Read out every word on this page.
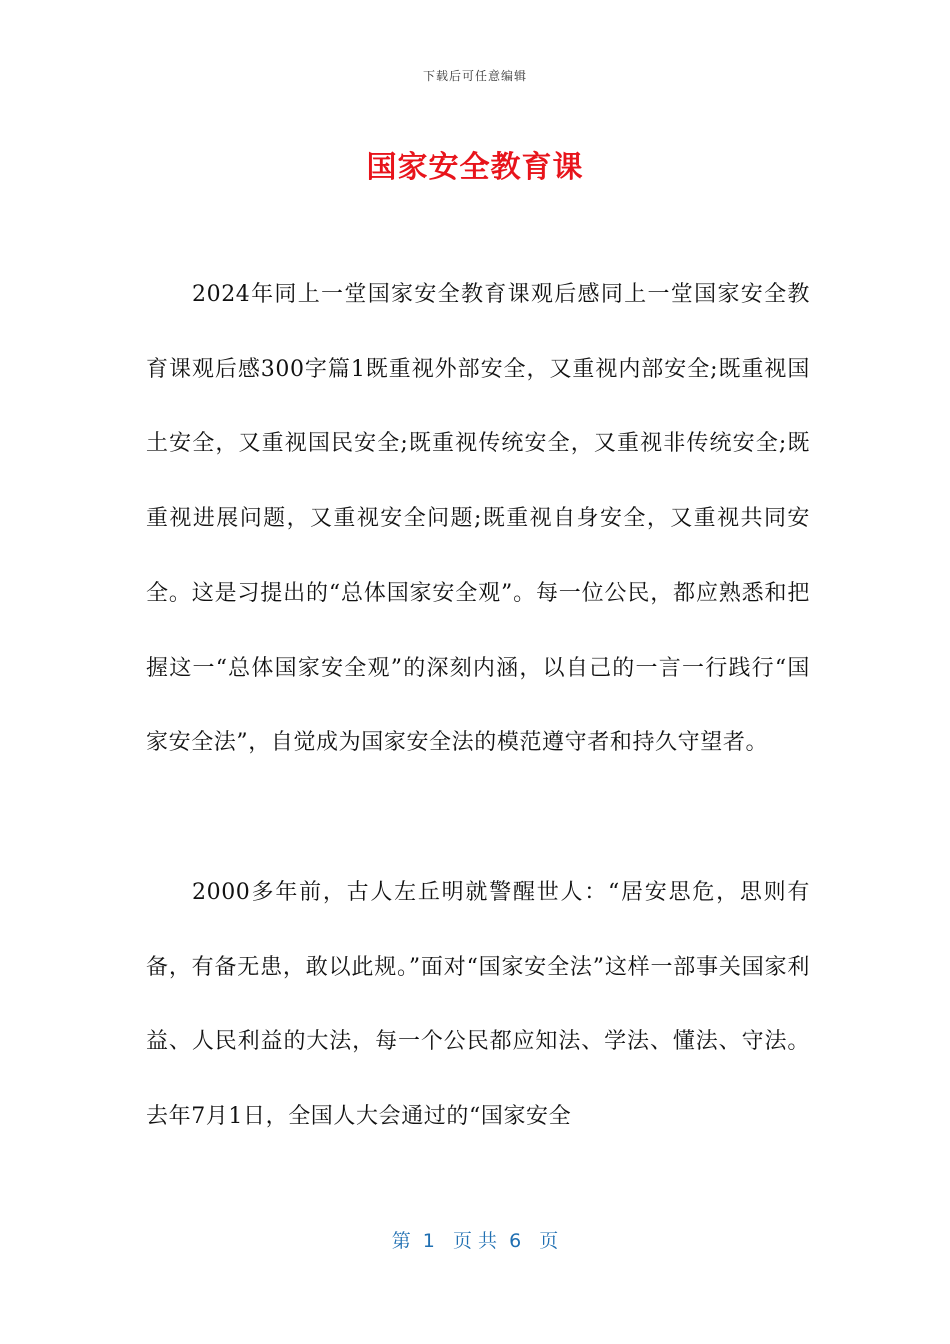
下载后可任意编辑
国家安全教育课

2024年同上一堂国家安全教育课观后感同上一堂国家安全教育课观后感300字篇1既重视外部安全，又重视内部安全;既重视国土安全，又重视国民安全;既重视传统安全，又重视非传统安全;既重视进展问题，又重视安全问题;既重视自身安全，又重视共同安全。这是习提出的“总体国家安全观”。每一位公民，都应熟悉和把握这一“总体国家安全观”的深刻内涵，以自己的一言一行践行“国家安全法”，自觉成为国家安全法的模范遵守者和持久守望者。

2000多年前，古人左丘明就警醒世人：“居安思危，思则有备，有备无患，敢以此规。”面对“国家安全法”这样一部事关国家利益、人民利益的大法，每一个公民都应知法、学法、懂法、守法。去年7月1日，全国人大会通过的“国家安全

第  1   页 共  6   页
